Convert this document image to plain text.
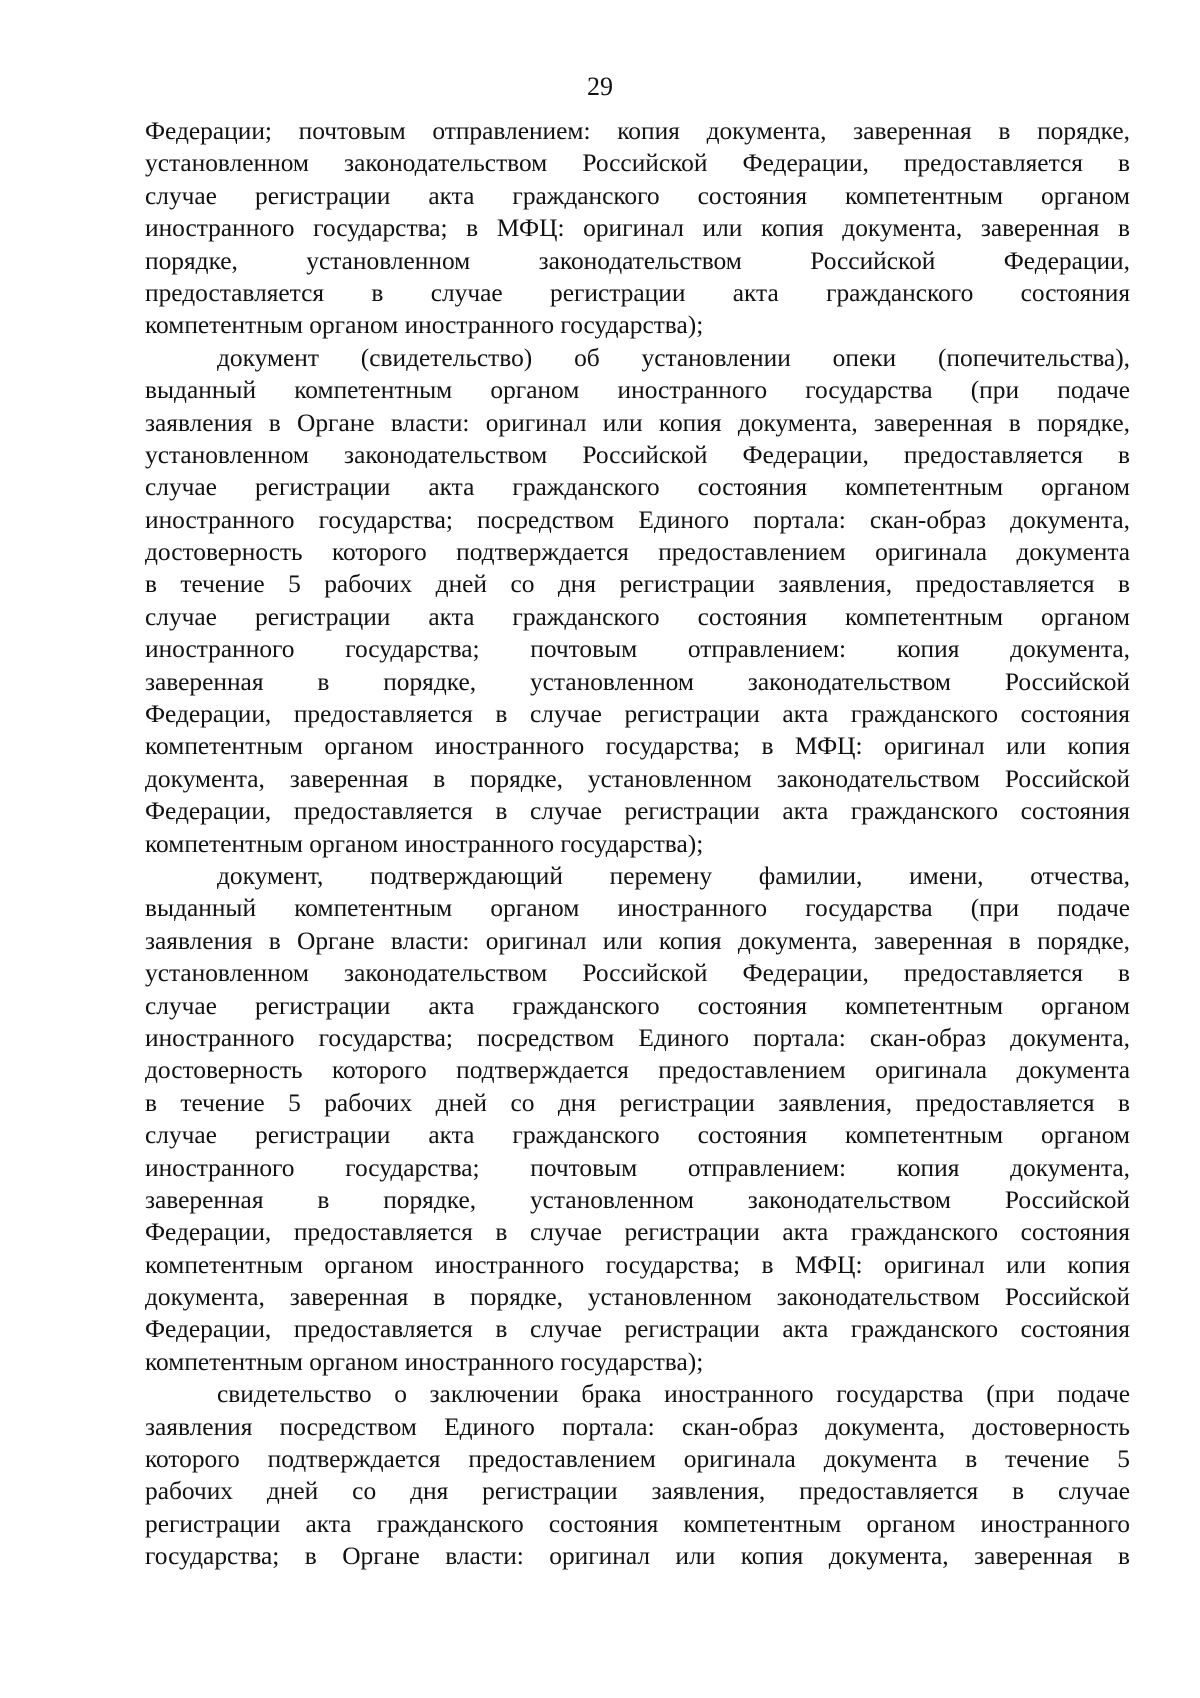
29
Федерации; почтовым отправлением: копия документа, заверенная в порядке,
установленном законодательством Российской Федерации, предоставляется в
случае регистрации акта гражданского состояния компетентным органом
иностранного государства; в МФЦ: оригинал или копия документа, заверенная в
порядке, установленном законодательством Российской Федерации,
предоставляется в случае регистрации акта гражданского состояния
компетентным органом иностранного государства);
документ (свидетельство) об установлении опеки (попечительства),
выданный компетентным органом иностранного государства (при подаче
заявления в Органе власти: оригинал или копия документа, заверенная в порядке,
установленном законодательством Российской Федерации, предоставляется в
случае регистрации акта гражданского состояния компетентным органом
иностранного государства; посредством Единого портала: скан-образ документа,
достоверность которого подтверждается предоставлением оригинала документа
в течение 5 рабочих дней со дня регистрации заявления, предоставляется в
случае регистрации акта гражданского состояния компетентным органом
иностранного государства; почтовым отправлением: копия документа,
заверенная в порядке, установленном законодательством Российской
Федерации, предоставляется в случае регистрации акта гражданского состояния
компетентным органом иностранного государства; в МФЦ: оригинал или копия
документа, заверенная в порядке, установленном законодательством Российской
Федерации, предоставляется в случае регистрации акта гражданского состояния
компетентным органом иностранного государства);
документ, подтверждающий перемену фамилии, имени, отчества,
выданный компетентным органом иностранного государства (при подаче
заявления в Органе власти: оригинал или копия документа, заверенная в порядке,
установленном законодательством Российской Федерации, предоставляется в
случае регистрации акта гражданского состояния компетентным органом
иностранного государства; посредством Единого портала: скан-образ документа,
достоверность которого подтверждается предоставлением оригинала документа
в течение 5 рабочих дней со дня регистрации заявления, предоставляется в
случае регистрации акта гражданского состояния компетентным органом
иностранного государства; почтовым отправлением: копия документа,
заверенная в порядке, установленном законодательством Российской
Федерации, предоставляется в случае регистрации акта гражданского состояния
компетентным органом иностранного государства; в МФЦ: оригинал или копия
документа, заверенная в порядке, установленном законодательством Российской
Федерации, предоставляется в случае регистрации акта гражданского состояния
компетентным органом иностранного государства);
свидетельство о заключении брака иностранного государства (при подаче
заявления посредством Единого портала: скан-образ документа, достоверность
которого подтверждается предоставлением оригинала документа в течение 5
рабочих дней со дня регистрации заявления, предоставляется в случае
регистрации акта гражданского состояния компетентным органом иностранного
государства; в Органе власти: оригинал или копия документа, заверенная в
